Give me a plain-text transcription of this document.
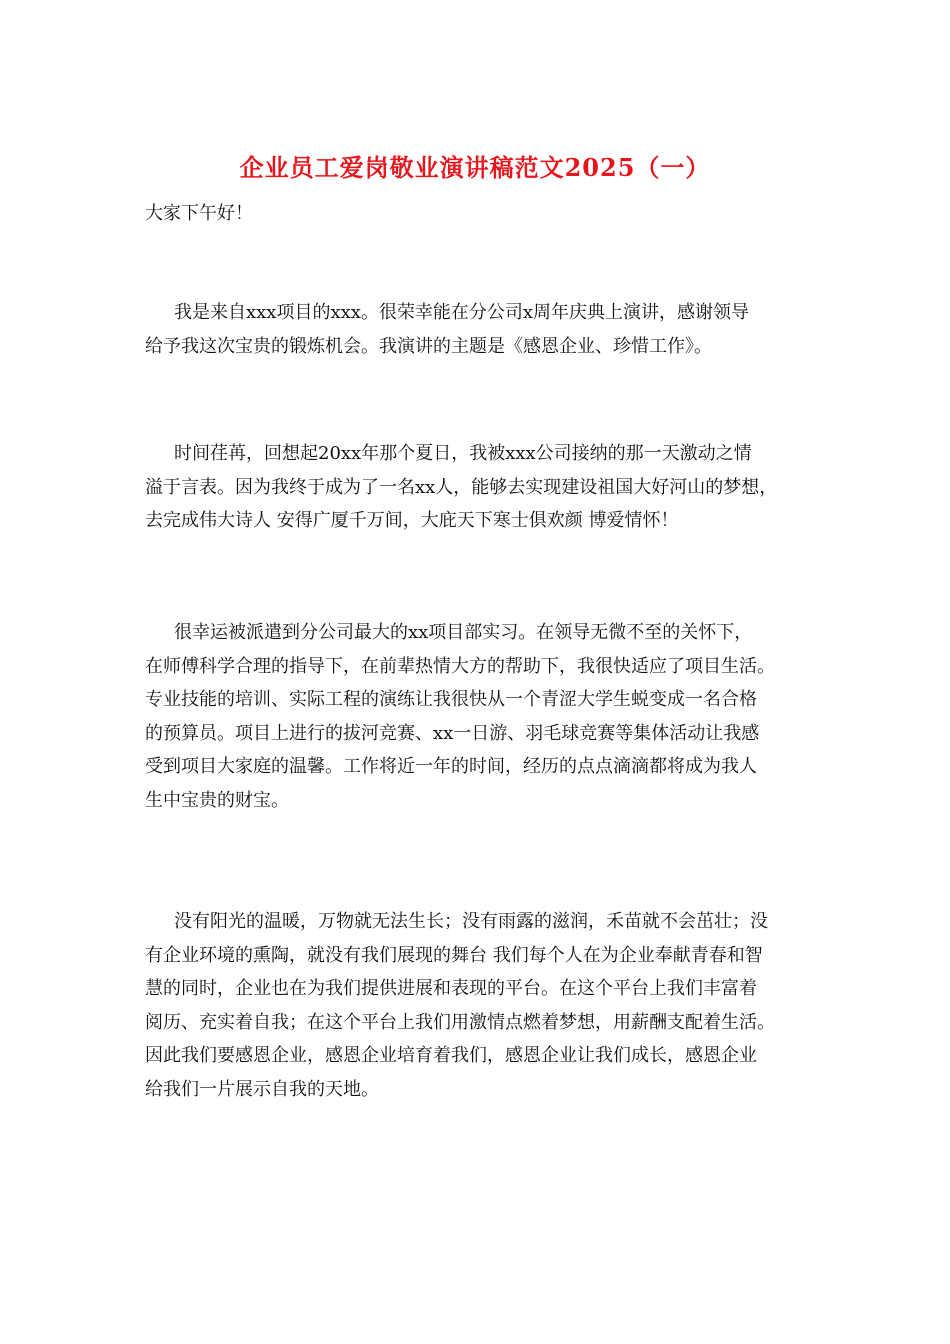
企业员工爱岗敬业演讲稿范文2025（一）
大家下午好！
我是来自xxx项目的xxx。很荣幸能在分公司x周年庆典上演讲，感谢领导
给予我这次宝贵的锻炼机会。我演讲的主题是《感恩企业、珍惜工作》。
时间荏苒，回想起20xx年那个夏日，我被xxx公司接纳的那一天激动之情
溢于言表。因为我终于成为了一名xx人，能够去实现建设祖国大好河山的梦想，
去完成伟大诗人 安得广厦千万间，大庇天下寒士俱欢颜 博爱情怀！
很幸运被派遣到分公司最大的xx项目部实习。在领导无微不至的关怀下，
在师傅科学合理的指导下，在前辈热情大方的帮助下，我很快适应了项目生活。
专业技能的培训、实际工程的演练让我很快从一个青涩大学生蜕变成一名合格
的预算员。项目上进行的拔河竞赛、xx一日游、羽毛球竞赛等集体活动让我感
受到项目大家庭的温馨。工作将近一年的时间，经历的点点滴滴都将成为我人
生中宝贵的财宝。
没有阳光的温暖，万物就无法生长；没有雨露的滋润，禾苗就不会茁壮；没
有企业环境的熏陶，就没有我们展现的舞台 我们每个人在为企业奉献青春和智
慧的同时，企业也在为我们提供进展和表现的平台。在这个平台上我们丰富着
阅历、充实着自我；在这个平台上我们用激情点燃着梦想，用薪酬支配着生活。
因此我们要感恩企业，感恩企业培育着我们，感恩企业让我们成长，感恩企业
给我们一片展示自我的天地。
